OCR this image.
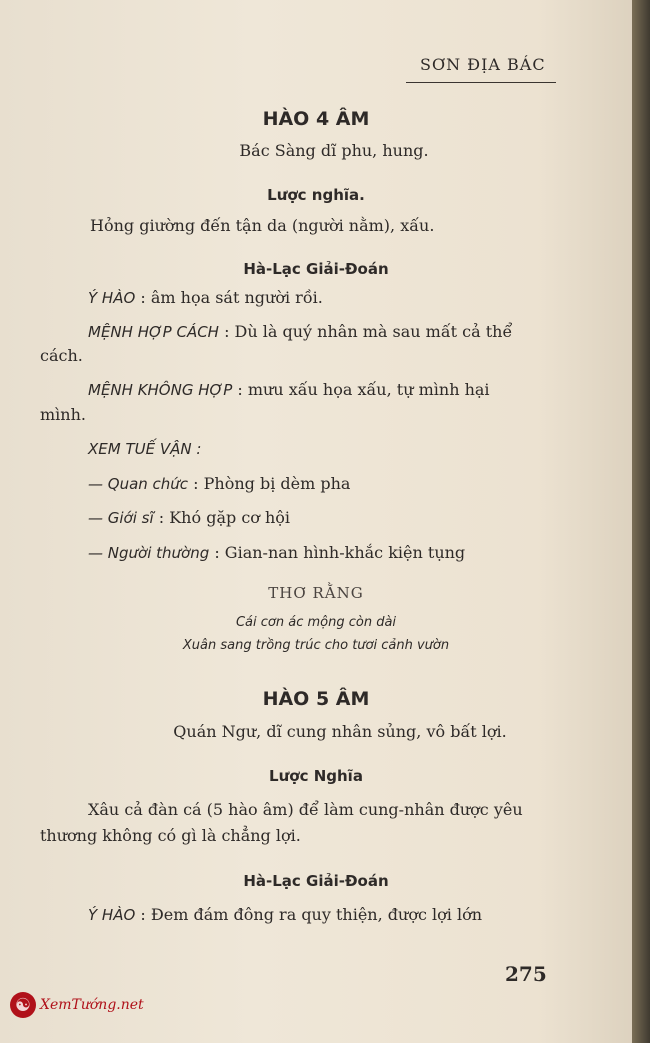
SƠN ĐỊA BÁC
HÀO 4 ÂM
Bác Sàng dĩ phu, hung.
Lược nghĩa.
Hỏng giường đến tận da (người nằm), xấu.
Hà-Lạc Giải-Đoán
Ý HÀO : âm họa sát người rồi.
MỆNH HỢP CÁCH : Dù là quý nhân mà sau mất cả thể
cách.
MỆNH KHÔNG HỢP : mưu xấu họa xấu, tự mình hại
mình.
XEM TUẾ VẬN :
— Quan chức : Phòng bị dèm pha
— Giới sĩ : Khó gặp cơ hội
— Người thường : Gian-nan hình-khắc kiện tụng
THƠ RẰNG
Cái cơn ác mộng còn dài
Xuân sang trồng trúc cho tươi cảnh vườn
HÀO 5 ÂM
Quán Ngư, dĩ cung nhân sủng, vô bất lợi.
Lược Nghĩa
Xâu cả đàn cá (5 hào âm) để làm cung-nhân được yêu
thương không có gì là chẳng lợi.
Hà-Lạc Giải-Đoán
Ý HÀO : Đem đám đông ra quy thiện, được lợi lớn
275
☯ XemTướng.net
